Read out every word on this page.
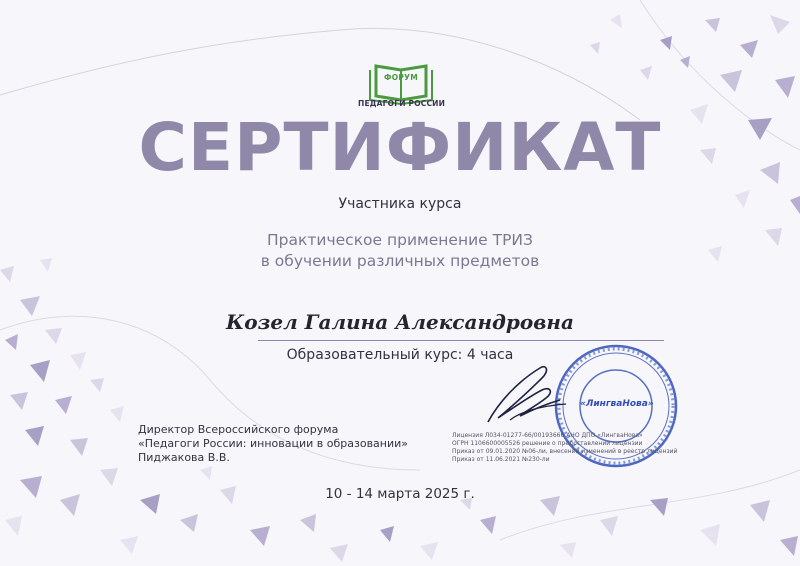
ФОРУМ
ПЕДАГОГИ РОССИИ
СЕРТИФИКАТ
Участника курса
Практическое применение ТРИЗ
в обучении различных предметов
Козел Галина Александровна
Образовательный курс: 4 часа
Директор Всероссийского форума
«Педагоги России: инновации в образовании»
Пиджакова В.В.
«ЛингваНова»
Лицензия Л034-01277-66/00193666 АНО ДПО «ЛингваНова»
ОГРН 1106600005526 решение о предоставлении лицензии
Приказ от 09.01.2020 №06-ли, внесении изменений в реестр лицензий
Приказ от 11.06.2021 №230-ли
10 - 14 марта 2025 г.
